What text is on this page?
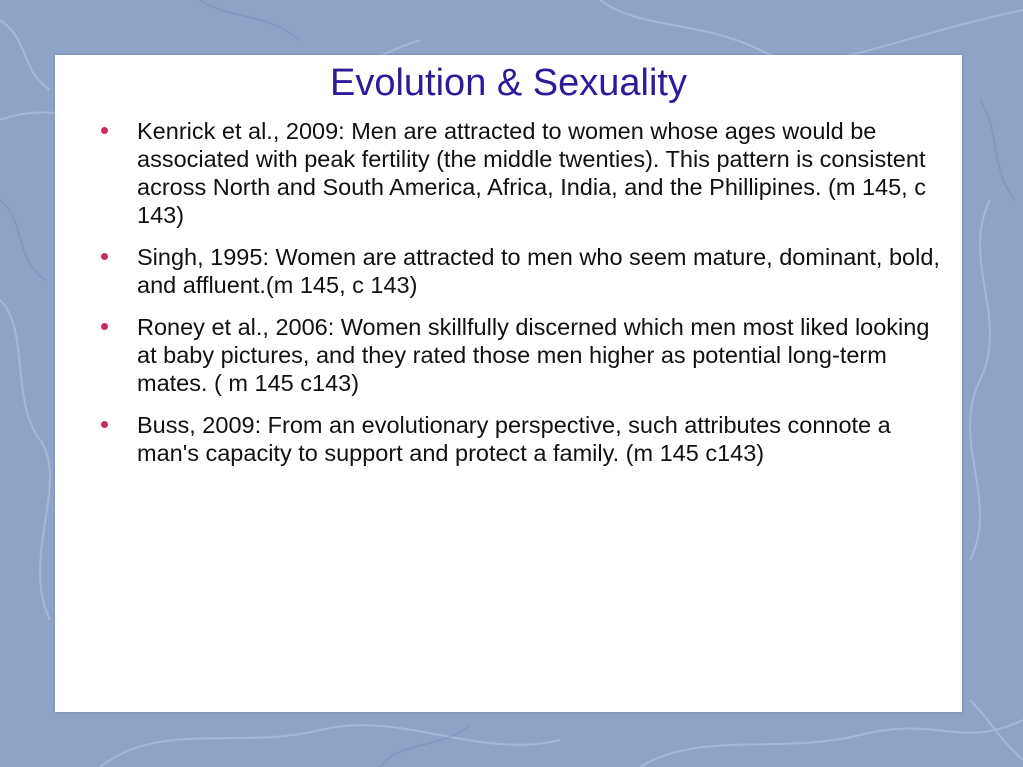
Evolution & Sexuality
Kenrick et al., 2009: Men are attracted to women whose ages would be associated with peak fertility (the middle twenties). This pattern is consistent across North and South America, Africa, India, and the Phillipines. (m 145, c 143)
Singh, 1995: Women are attracted to men who seem mature, dominant, bold, and affluent.(m 145, c 143)
Roney et al., 2006: Women skillfully discerned which men most liked looking at baby pictures, and they rated those men higher as potential long-term mates. ( m 145 c143)
Buss, 2009: From an evolutionary perspective, such attributes connote a man's capacity to support and protect a family. (m 145 c143)
